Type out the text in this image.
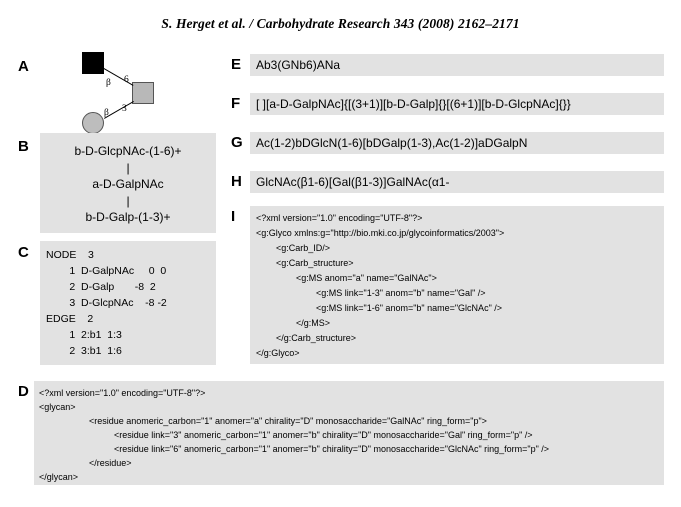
S. Herget et al. / Carbohydrate Research 343 (2008) 2162–2171
A
β 6
3
β
B	b-D-GlcpNAc-(1-6)+
|
a-D-GalpNAc
|
b-D-Galp-(1-3)+
C NODE    3
1  D-GalpNAc     0  0
2  D-Galp       -8  2
3  D-GlcpNAc    -8 -2
EDGE    2
1  2:b1  1:3
2  3:b1  1:6
D <?xml version="1.0" encoding="UTF-8"?>
<glycan>
<residue anomeric_carbon="1" anomer="a" chirality="D" monosaccharide="GalNAc" ring_form="p">
<residue link="3" anomeric_carbon="1" anomer="b" chirality="D" monosaccharide="Gal" ring_form="p" />
<residue link="6" anomeric_carbon="1" anomer="b" chirality="D" monosaccharide="GlcNAc" ring_form="p" />
</residue>
</glycan>
E Ab3(GNb6)ANa
F [ ][a-D-GalpNAc]{[(3+1)][b-D-Galp]{}[(6+1)][b-D-GlcpNAc]{}}
G Ac(1-2)bDGlcN(1-6)[bDGalp(1-3),Ac(1-2)]aDGalpN
H GlcNAc(β1-6)[Gal(β1-3)]GalNAc(α1-
I <?xml version="1.0" encoding="UTF-8"?>
<g:Glyco xmlns:g="http://bio.mki.co.jp/glycoinformatics/2003">
<g:Carb_ID/>
<g:Carb_structure>
<g:MS anom="a" name="GalNAc">
<g:MS link="1-3" anom="b" name="Gal" />
<g:MS link="1-6" anom="b" name="GlcNAc" />
</g:MS>
</g:Carb_structure>
</g:Glyco>
